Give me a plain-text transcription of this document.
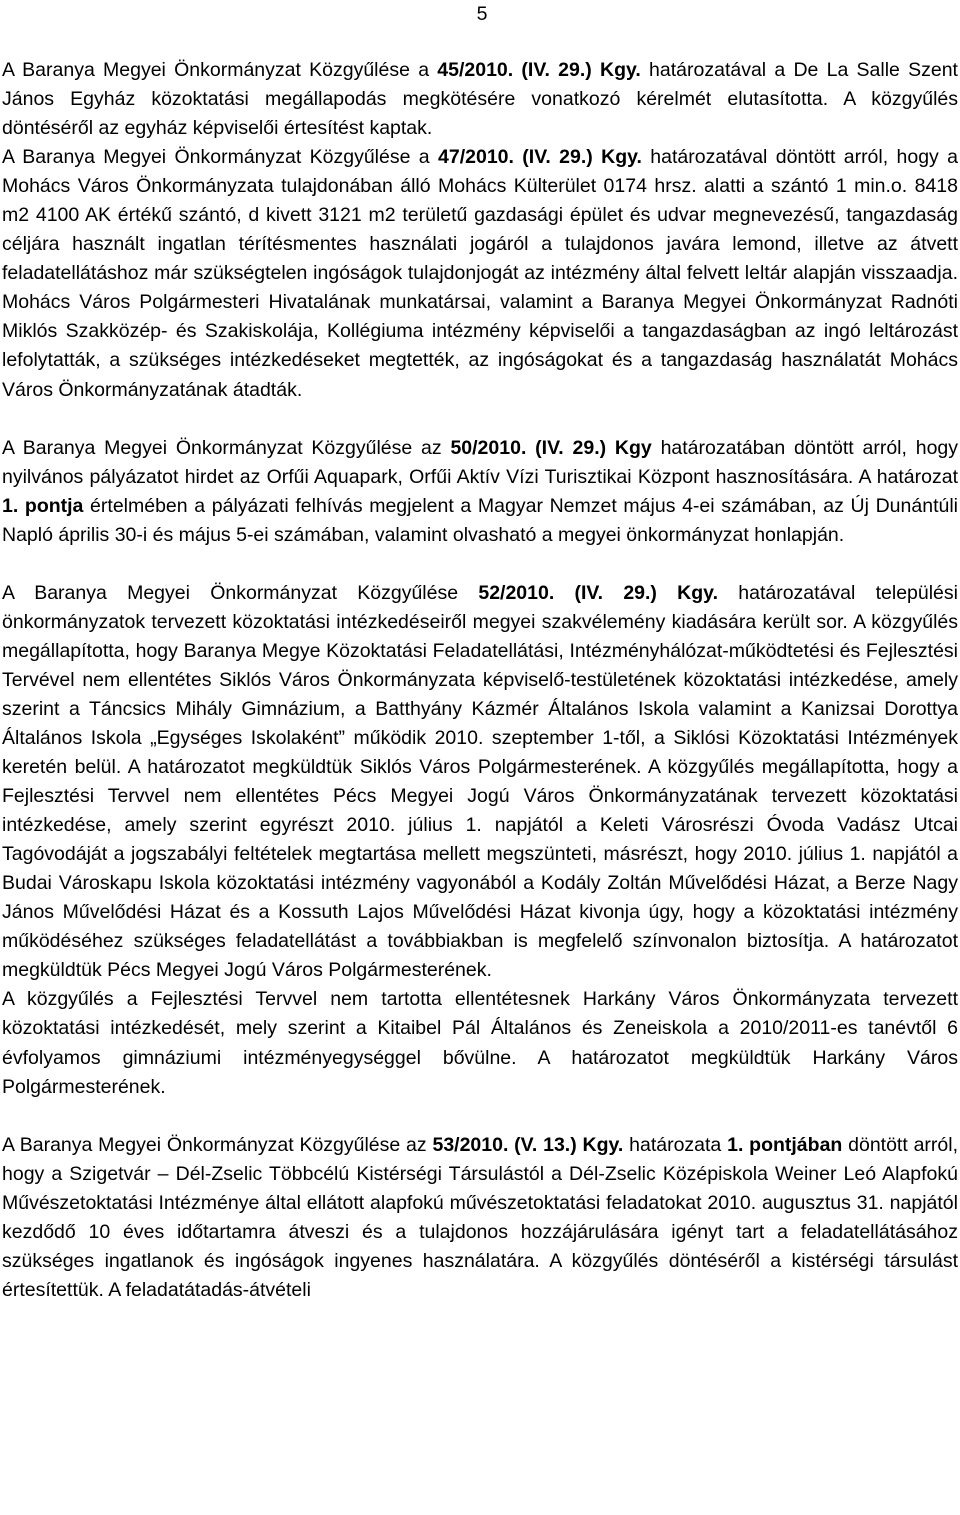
5

A Baranya Megyei Önkormányzat Közgyűlése a 45/2010. (IV. 29.) Kgy. határozatával a De La Salle Szent János Egyház közoktatási megállapodás megkötésére vonatkozó kérelmét elutasította. A közgyűlés döntéséről az egyház képviselői értesítést kaptak.

A Baranya Megyei Önkormányzat Közgyűlése a 47/2010. (IV. 29.) Kgy. határozatával döntött arról, hogy a Mohács Város Önkormányzata tulajdonában álló Mohács Külterület 0174 hrsz. alatti a szántó 1 min.o. 8418 m2 4100 AK értékű szántó, d kivett 3121 m2 területű gazdasági épület és udvar megnevezésű, tangazdaság céljára használt ingatlan térítésmentes használati jogáról a tulajdonos javára lemond, illetve az átvett feladatellátáshoz már szükségtelen ingóságok tulajdonjogát az intézmény által felvett leltár alapján visszaadja. Mohács Város Polgármesteri Hivatalának munkatársai, valamint a Baranya Megyei Önkormányzat Radnóti Miklós Szakközép- és Szakiskolája, Kollégiuma intézmény képviselői a tangazdaságban az ingó leltározást lefolytatták, a szükséges intézkedéseket megtették, az ingóságokat és a tangazdaság használatát Mohács Város Önkormányzatának átadták.

A Baranya Megyei Önkormányzat Közgyűlése az 50/2010. (IV. 29.) Kgy határozatában döntött arról, hogy nyilvános pályázatot hirdet az Orfűi Aquapark, Orfűi Aktív Vízi Turisztikai Központ hasznosítására. A határozat 1. pontja értelmében a pályázati felhívás megjelent a Magyar Nemzet május 4-ei számában, az Új Dunántúli Napló április 30-i és május 5-ei számában, valamint olvasható a megyei önkormányzat honlapján.

A Baranya Megyei Önkormányzat Közgyűlése 52/2010. (IV. 29.) Kgy. határozatával települési önkormányzatok tervezett közoktatási intézkedéseiről megyei szakvélemény kiadására került sor. A közgyűlés megállapította, hogy Baranya Megye Közoktatási Feladatellátási, Intézményhálózat-működtetési és Fejlesztési Tervével nem ellentétes Siklós Város Önkormányzata képviselő-testületének közoktatási intézkedése, amely szerint a Táncsics Mihály Gimnázium, a Batthyány Kázmér Általános Iskola valamint a Kanizsai Dorottya Általános Iskola „Egységes Iskolaként” működik 2010. szeptember 1-től, a Siklósi Közoktatási Intézmények keretén belül. A határozatot megküldtük Siklós Város Polgármesterének. A közgyűlés megállapította, hogy a Fejlesztési Tervvel nem ellentétes Pécs Megyei Jogú Város Önkormányzatának tervezett közoktatási intézkedése, amely szerint egyrészt 2010. július 1. napjától a Keleti Városrészi Óvoda Vadász Utcai Tagóvodáját a jogszabályi feltételek megtartása mellett megszünteti, másrészt, hogy 2010. július 1. napjától a Budai Városkapu Iskola közoktatási intézmény vagyonából a Kodály Zoltán Művelődési Házat, a Berze Nagy János Művelődési Házat és a Kossuth Lajos Művelődési Házat kivonja úgy, hogy a közoktatási intézmény működéséhez szükséges feladatellátást a továbbiakban is megfelelő színvonalon biztosítja. A határozatot megküldtük Pécs Megyei Jogú Város Polgármesterének.

A közgyűlés a Fejlesztési Tervvel nem tartotta ellentétesnek Harkány Város Önkormányzata tervezett közoktatási intézkedését, mely szerint a Kitaibel Pál Általános és Zeneiskola a 2010/2011-es tanévtől 6 évfolyamos gimnáziumi intézményegységgel bővülne. A határozatot megküldtük Harkány Város Polgármesterének.

A Baranya Megyei Önkormányzat Közgyűlése az 53/2010. (V. 13.) Kgy. határozata 1. pontjában döntött arról, hogy a Szigetvár – Dél-Zselic Többcélú Kistérségi Társulástól a Dél-Zselic Középiskola Weiner Leó Alapfokú Művészetoktatási Intézménye által ellátott alapfokú művészetoktatási feladatokat 2010. augusztus 31. napjától kezdődő 10 éves időtartamra átveszi és a tulajdonos hozzájárulására igényt tart a feladatellátásához szükséges ingatlanok és ingóságok ingyenes használatára. A közgyűlés döntéséről a kistérségi társulást értesítettük. A feladatátadás-átvételi
